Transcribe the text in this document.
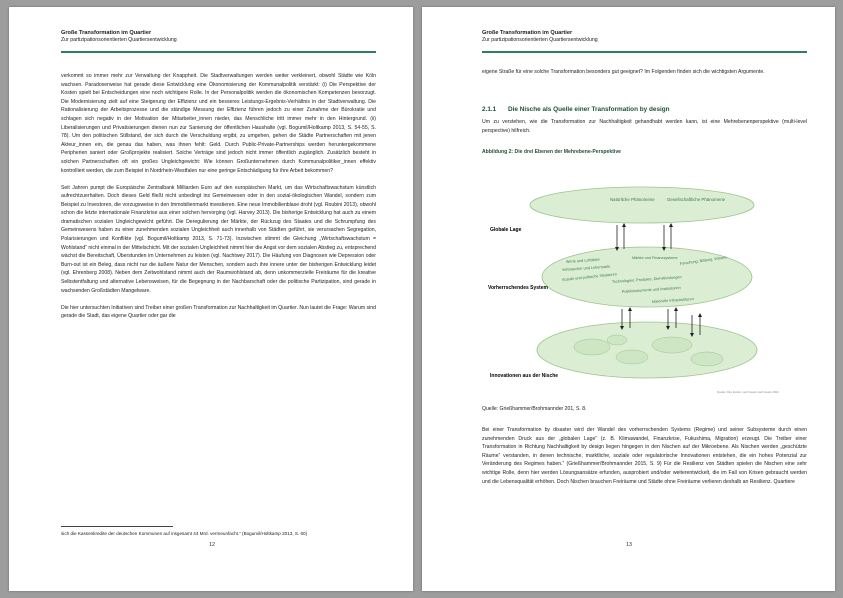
Große Transformation im Quartier
Zur partizipationsorientierten Quartiersentwicklung

verkommt so immer mehr zur Verwaltung der Knappheit. Die Stadtverwaltungen werden weiter verkleinert, obwohl Städte wie Köln wachsen. Paradoxerweise hat gerade diese Entwicklung eine Ökonomisierung der Kommunalpolitik verstärkt: (i) Die Perspektive der Kosten spielt bei Entscheidungen eine noch wichtigere Rolle. In der Personalpolitik werden die ökonomischen Kompetenzen bevorzugt. Die Modernisierung zielt auf eine Steigerung der Effizienz und ein besseres Leistungs-Ergebnis-Verhältnis in der Stadtverwaltung. Die Rationalisierung der Arbeitsprozesse und die ständige Messung der Effizienz führen jedoch zu einer Zunahme der Bürokratie und schlagen sich negativ in der Motivation der Mitarbeiter_innen nieder, das Menschliche tritt immer mehr in den Hintergrund. (ii) Liberalisierungen und Privatisierungen dienen nun zur Sanierung der öffentlichen Haushalte (vgl. Bogumil/Holtkamp 2013, S. 54-55, S. 78). Um den politischen Stillstand, der sich durch die Verschuldung ergibt, zu umgehen, gehen die Städte Partnerschaften mit jenen Akteur_innen ein, die genau das haben, was ihnen fehlt: Geld. Durch Public-Private-Partnerships werden heruntergekommene Peripherien saniert oder Großprojekte realisiert. Solche Verträge sind jedoch nicht immer öffentlich zugänglich. Zusätzlich besteht in solchen Partnerschaften oft ein großes Ungleichgewicht: Wie können Großunternehmen durch Kommunalpolitiker_innen effektiv kontrolliert werden, die zum Beispiel in Nordrhein-Westfalen nur eine geringe Entschädigung für ihre Arbeit bekommen?

Seit Jahren pumpt die Europäische Zentralbank Milliarden Euro auf den europäischen Markt, um das Wirtschaftswachstum künstlich aufrechtzuerhalten. Doch dieses Geld fließt nicht unbedingt ins Gemeinwesen oder in den sozial-ökologischen Wandel, sondern zum Beispiel zu Investoren, die vorzugsweise in den Immobilienmarkt investieren. Eine neue Immobilienblase droht (vgl. Roubini 2013), obwohl schon die letzte internationale Finanzkrise aus einer solchen hervorging (vgl. Harvey 2013). Die bisherige Entwicklung hat auch zu einem dramatischen sozialen Ungleichgewicht geführt. Die Deregulierung der Märkte, der Rückzug des Staates und die Schrumpfung des Gemeinwesens haben zu einer zunehmenden sozialen Ungleichheit auch innerhalb von Städten geführt, sie verursachen Segregation, Polarisierungen und Konflikte (vgl. Bogumil/Holtkamp 2013, S. 71-73). Inzwischen stimmt die Gleichung „Wirtschaftswachstum = Wohlstand“ nicht einmal in der Mittelschicht. Mit der sozialen Ungleichheit nimmt hier die Angst vor dem sozialen Abstieg zu, entsprechend wächst die Bereitschaft, Überstunden im Unternehmen zu leisten (vgl. Nachtwey 2017). Die Häufung von Diagnosen wie Depression oder Burn-out ist ein Beleg, dass nicht nur die äußere Natur der Menschen, sondern auch ihre innere unter der bisherigen Entwicklung leidet (vgl. Ehrenberg 2008). Neben dem Zeitwohlstand nimmt auch der Raumwohlstand ab, denn unkommerzielle Freiräume für die kreative Selbstentfaltung und alternative Lebensweisen, für die Begegnung in der Nachbarschaft oder die politische Partizipation, sind gerade in wachsenden Großstädten Mangelware.

Die hier untersuchten Initiativen sind Treiber einer großen Transformation zur Nachhaltigkeit im Quartier. Nun lautet die Frage: Warum sind gerade die Stadt, das eigene Quartier oder gar die

sich die Kassenkredite der deutschen Kommunen auf insgesamt 44 Mrd. vermeunfacht.“ (Bogumil/Holtkamp 2013, S. 60)
12
Große Transformation im Quartier
Zur partizipationsorientierten Quartiersentwicklung

eigene Straße für eine solche Transformation besonders gut geeignet? Im Folgenden finden sich die wichtigsten Argumente.

2.1.1 Die Nische als Quelle einer Transformation by design

Um zu verstehen, wie die Transformation zur Nachhaltigkeit gehandhabt werden kann, ist eine Mehrebenenperspektive (multi-level perspective) hilfreich.

Abbildung 2: Die drei Ebenen der Mehrebene-Perspektive
Natürliche Phänomene	Gesellschaftliche Phänomene
Globale Lage
Werte und Leitbilder	Märkte und Finanzsysteme Forschung, Bildung, Wissen
Verbraucher und Lebensstile
Soziale und politische Strukturen
Technologien, Produkte, Dienstleistungen
Politikinstrumente und Institutionen
Materielle Infrastrukturen
Vorherrschendes System
Innovationen aus der Nische
Quelle: Öko-Institut, nach Geels nach Geels 2002
Quelle: Grießhammer/Brohmannder 201, S. 8.

Bei einer Transformation by disaster wird der Wandel des vorherrschenden Systems (Regime) und seiner Subsysteme durch einen zunehmenden Druck aus der „globalen Lage“ (z. B. Klimawandel, Finanzkrise, Fukushima, Migration) erzeugt. Die Treiber einer Transformation in Richtung Nachhaltigkeit by design liegen hingegen in den Nischen auf der Mikroebene. Als Nischen werden „geschützte Räume“ verstanden, in denen technische, marktliche, soziale oder regulatorische Innovationen entstehen, die ein hohes Potenzial zur Veränderung des Regimes haben.“ (Grießhammer/Brohmannder 2015, S. 9) Für die Resilienz von Städten spielen die Nischen eine sehr wichtige Rolle, denn hier werden Lösungsansätze erfunden, ausprobiert und/oder weiterentwickelt, die im Fall von Krisen gebraucht werden und die Lebensqualität erhöhen. Doch Nischen brauchen Freiräume und Städte ohne Freiräume verlieren deshalb an Resilienz. Quartiere

13
